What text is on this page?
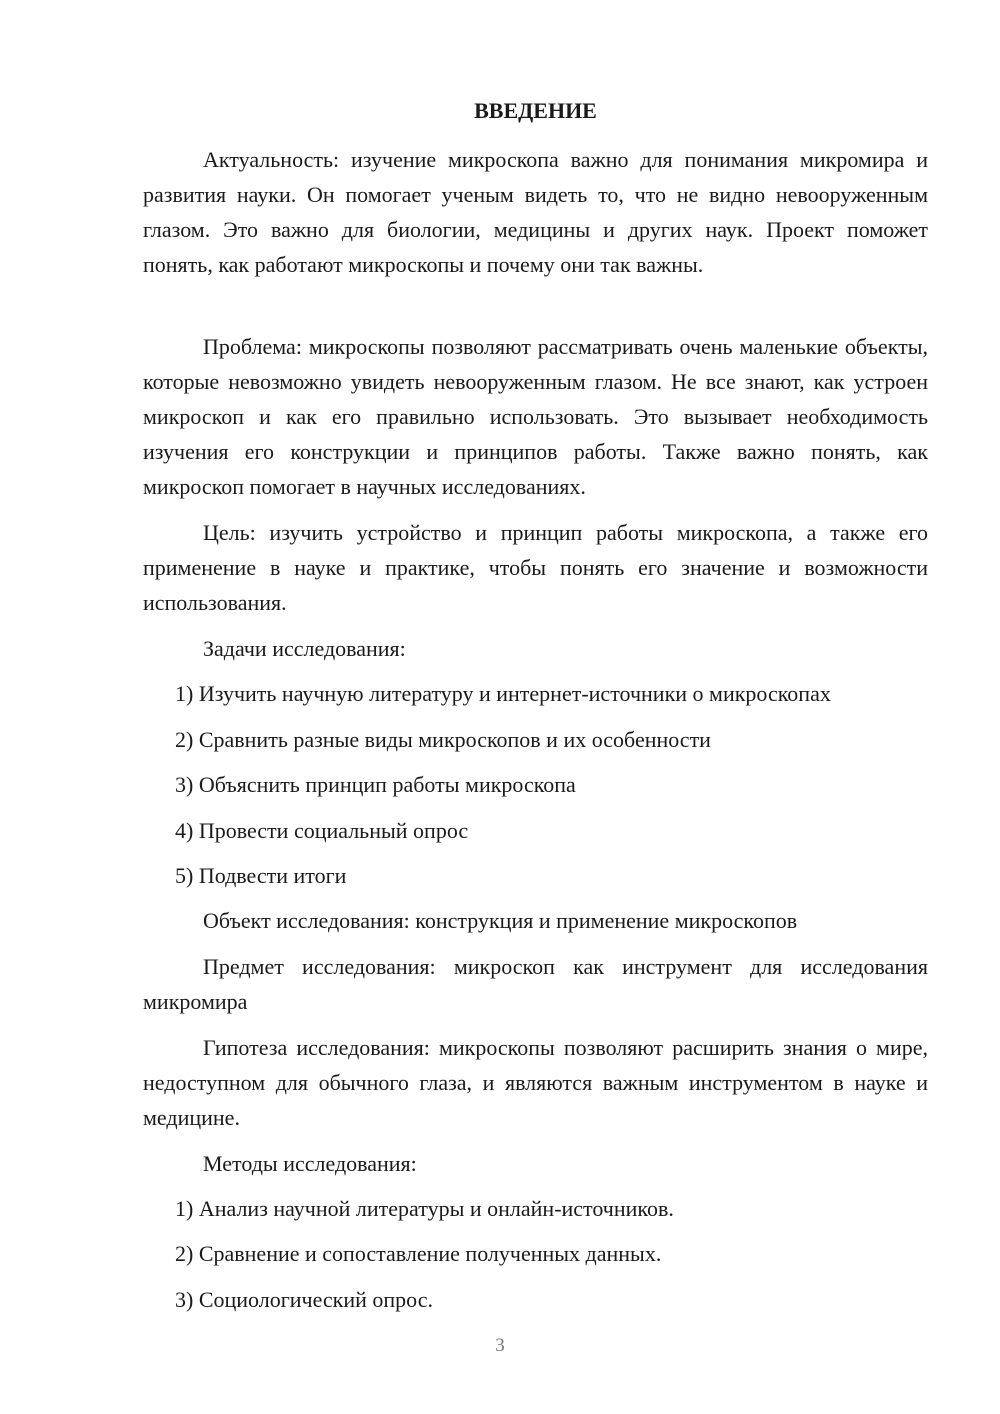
ВВЕДЕНИЕ

Актуальность: изучение микроскопа важно для понимания микромира и развития науки. Он помогает ученым видеть то, что не видно невооруженным глазом. Это важно для биологии, медицины и других наук. Проект поможет понять, как работают микроскопы и почему они так важны.

Проблема: микроскопы позволяют рассматривать очень маленькие объекты, которые невозможно увидеть невооруженным глазом. Не все знают, как устроен микроскоп и как его правильно использовать. Это вызывает необходимость изучения его конструкции и принципов работы. Также важно понять, как микроскоп помогает в научных исследованиях.

Цель: изучить устройство и принцип работы микроскопа, а также его применение в науке и практике, чтобы понять его значение и возможности использования.

Задачи исследования:

1) Изучить научную литературу и интернет-источники о микроскопах

2) Сравнить разные виды микроскопов и их особенности

3) Объяснить принцип работы микроскопа

4) Провести социальный опрос

5) Подвести итоги

Объект исследования: конструкция и применение микроскопов

Предмет исследования: микроскоп как инструмент для исследования микромира

Гипотеза исследования: микроскопы позволяют расширить знания о мире, недоступном для обычного глаза, и являются важным инструментом в науке и медицине.

Методы исследования:

1) Анализ научной литературы и онлайн-источников.

2) Сравнение и сопоставление полученных данных.

3) Социологический опрос.

3
